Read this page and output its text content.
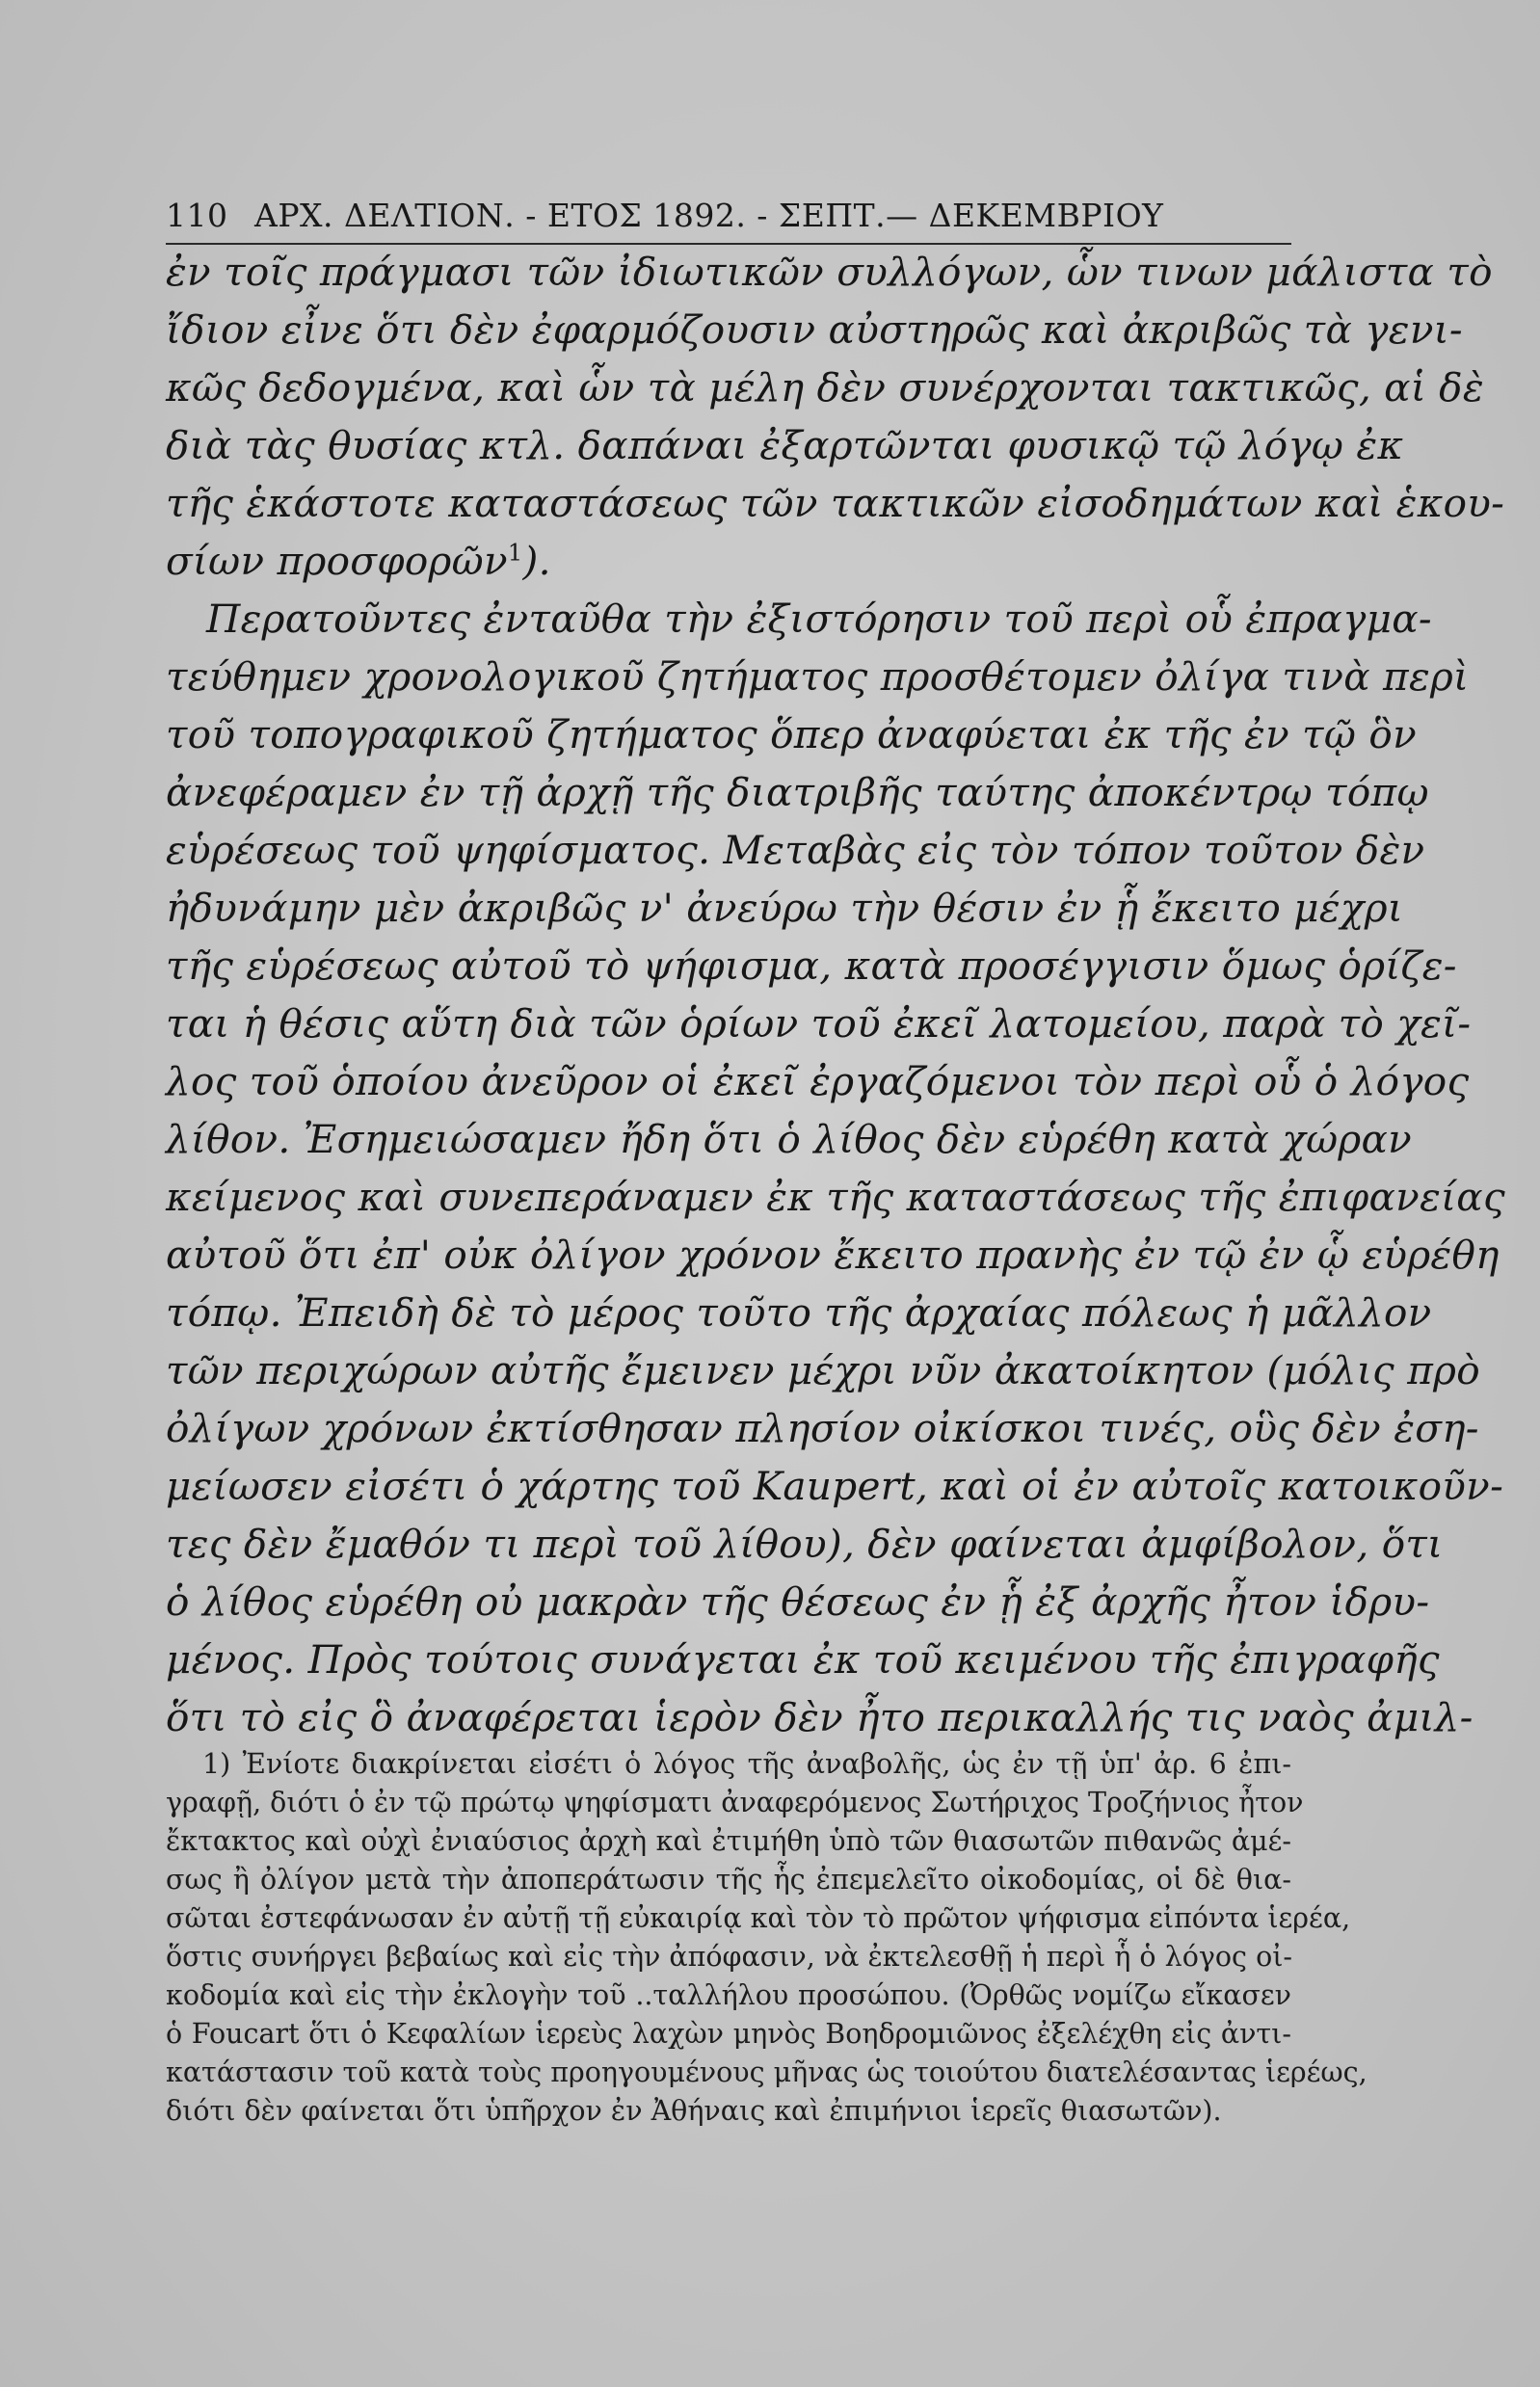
110 ΑΡΧ. ΔΕΛΤΙΟΝ. - ΕΤΟΣ 1892. - ΣΕΠΤ.— ΔΕΚΕΜΒΡΙΟΥ
ἐν τοῖς πράγμασι τῶν ἰδιωτικῶν συλλόγων, ὧν τινων μάλιστα τὸ
ἴδιον εἶνε ὅτι δὲν ἐφαρμόζουσιν αὐστηρῶς καὶ ἀκριβῶς τὰ γενι-
κῶς δεδογμένα, καὶ ὧν τὰ μέλη δὲν συνέρχονται τακτικῶς, αἱ δὲ
διὰ τὰς θυσίας κτλ. δαπάναι ἐξαρτῶνται φυσικῷ τῷ λόγῳ ἐκ
τῆς ἑκάστοτε καταστάσεως τῶν τακτικῶν εἰσοδημάτων καὶ ἑκου-
σίων προσφορῶν$^1$).
Περατοῦντες ἐνταῦθα τὴν ἐξιστόρησιν τοῦ περὶ οὗ ἐπραγμα-
τεύθημεν χρονολογικοῦ ζητήματος προσθέτομεν ὀλίγα τινὰ περὶ
τοῦ τοπογραφικοῦ ζητήματος ὅπερ ἀναφύεται ἐκ τῆς ἐν τῷ ὃν
ἀνεφέραμεν ἐν τῇ ἀρχῇ τῆς διατριβῆς ταύτης ἀποκέντρῳ τόπῳ
εὑρέσεως τοῦ ψηφίσματος. Μεταβὰς εἰς τὸν τόπον τοῦτον δὲν
ἠδυνάμην μὲν ἀκριβῶς ν' ἀνεύρω τὴν θέσιν ἐν ᾗ ἔκειτο μέχρι
τῆς εὑρέσεως αὐτοῦ τὸ ψήφισμα, κατὰ προσέγγισιν ὅμως ὁρίζε-
ται ἡ θέσις αὕτη διὰ τῶν ὁρίων τοῦ ἐκεῖ λατομείου, παρὰ τὸ χεῖ-
λος τοῦ ὁποίου ἀνεῦρον οἱ ἐκεῖ ἐργαζόμενοι τὸν περὶ οὗ ὁ λόγος
λίθον. Ἐσημειώσαμεν ἤδη ὅτι ὁ λίθος δὲν εὑρέθη κατὰ χώραν
κείμενος καὶ συνεπεράναμεν ἐκ τῆς καταστάσεως τῆς ἐπιφανείας
αὐτοῦ ὅτι ἐπ' οὐκ ὀλίγον χρόνον ἔκειτο πρανὴς ἐν τῷ ἐν ᾧ εὑρέθη
τόπῳ. Ἐπειδὴ δὲ τὸ μέρος τοῦτο τῆς ἀρχαίας πόλεως ἡ μᾶλλον
τῶν περιχώρων αὐτῆς ἔμεινεν μέχρι νῦν ἀκατοίκητον (μόλις πρὸ
ὀλίγων χρόνων ἐκτίσθησαν πλησίον οἰκίσκοι τινές, οὓς δὲν ἐση-
μείωσεν εἰσέτι ὁ χάρτης τοῦ Kaupert, καὶ οἱ ἐν αὐτοῖς κατοικοῦν-
τες δὲν ἔμαθόν τι περὶ τοῦ λίθου), δὲν φαίνεται ἀμφίβολον, ὅτι
ὁ λίθος εὑρέθη οὐ μακρὰν τῆς θέσεως ἐν ᾗ ἐξ ἀρχῆς ἦτον ἱδρυ-
μένος. Πρὸς τούτοις συνάγεται ἐκ τοῦ κειμένου τῆς ἐπιγραφῆς
ὅτι τὸ εἰς ὃ ἀναφέρεται ἱερὸν δὲν ἦτο περικαλλής τις ναὸς ἀμιλ-
1) Ἐνίοτε διακρίνεται εἰσέτι ὁ λόγος τῆς ἀναβολῆς, ὡς ἐν τῇ ὑπ' ἀρ. 6 ἐπι-
γραφῇ, διότι ὁ ἐν τῷ πρώτῳ ψηφίσματι ἀναφερόμενος Σωτήριχος Τροζήνιος ἦτον
ἔκτακτος καὶ οὐχὶ ἐνιαύσιος ἀρχὴ καὶ ἐτιμήθη ὑπὸ τῶν θιασωτῶν πιθανῶς ἀμέ-
σως ἢ ὀλίγον μετὰ τὴν ἀποπεράτωσιν τῆς ἧς ἐπεμελεῖτο οἰκοδομίας, οἱ δὲ θια-
σῶται ἐστεφάνωσαν ἐν αὐτῇ τῇ εὐκαιρίᾳ καὶ τὸν τὸ πρῶτον ψήφισμα εἰπόντα ἱερέα,
ὅστις συνήργει βεβαίως καὶ εἰς τὴν ἀπόφασιν, νὰ ἐκτελεσθῇ ἡ περὶ ἧ ὁ λόγος οἰ-
κοδομία καὶ εἰς τὴν ἐκλογὴν τοῦ ..ταλλήλου προσώπου. (Ὀρθῶς νομίζω εἴκασεν
ὁ Foucart ὅτι ὁ Κεφαλίων ἱερεὺς λαχὼν μηνὸς Βοηδρομιῶνος ἐξελέχθη εἰς ἀντι-
κατάστασιν τοῦ κατὰ τοὺς προηγουμένους μῆνας ὡς τοιούτου διατελέσαντας ἱερέως,
διότι δὲν φαίνεται ὅτι ὑπῆρχον ἐν Ἀθήναις καὶ ἐπιμήνιοι ἱερεῖς θιασωτῶν).
